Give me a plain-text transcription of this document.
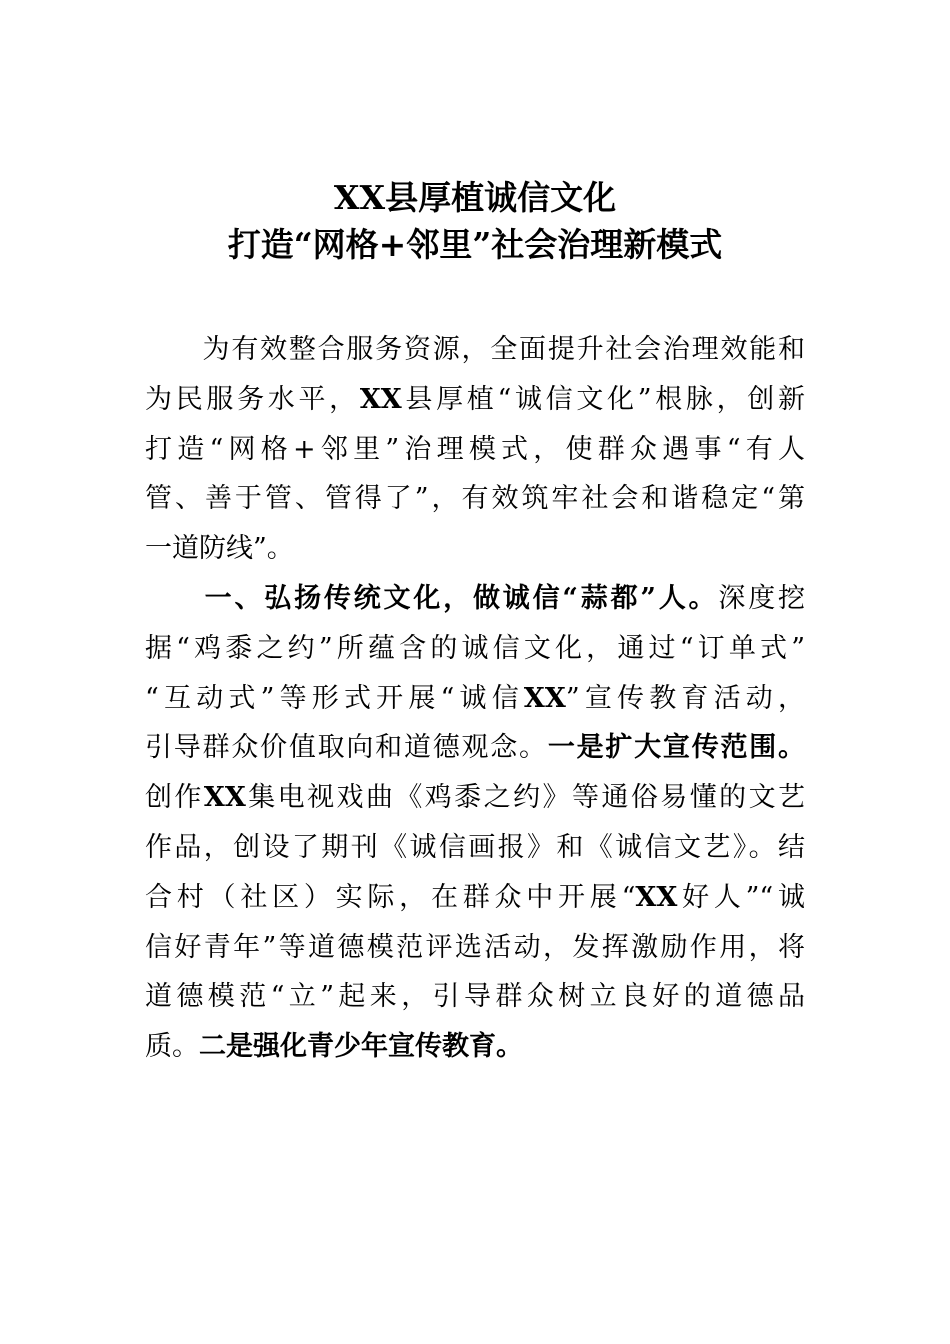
XX县厚植诚信文化
打造“网格+邻里”社会治理新模式
　　为有效整合服务资源，全面提升社会治理效能和
为民服务水平，XX县厚植“诚信文化”根脉，创新
打造“网格+邻里”治理模式，使群众遇事“有人
管、善于管、管得了”，有效筑牢社会和谐稳定“第
一道防线”。
　　一、弘扬传统文化，做诚信“蒜都”人。深度挖
据“鸡黍之约”所蕴含的诚信文化，通过“订单式”
“互动式”等形式开展“诚信XX”宣传教育活动，
引导群众价值取向和道德观念。一是扩大宣传范围。
创作XX集电视戏曲《鸡黍之约》等通俗易懂的文艺
作品，创设了期刊《诚信画报》和《诚信文艺》。结
合村（社区）实际，在群众中开展“XX好人”“诚
信好青年”等道德模范评选活动，发挥激励作用，将
道德模范“立”起来，引导群众树立良好的道德品
质。二是强化青少年宣传教育。
